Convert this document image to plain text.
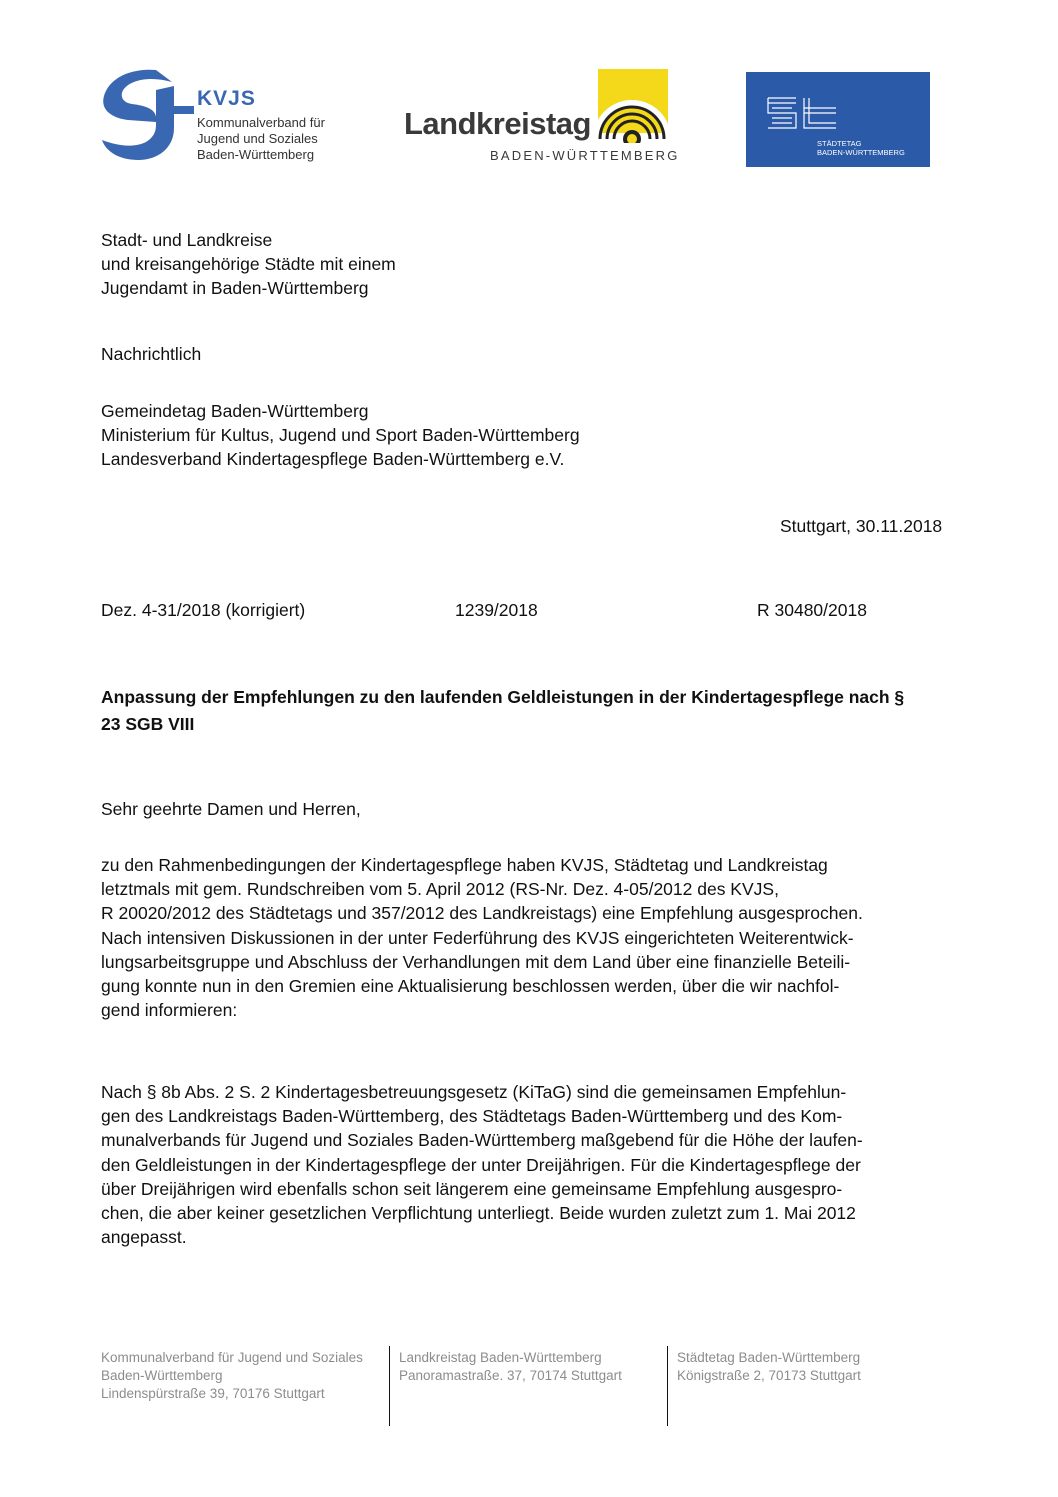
KVJS
Kommunalverband für
Jugend und Soziales
Baden-Württemberg
Landkreistag
BADEN-WÜRTTEMBERG
STÄDTETAG
BADEN-WÜRTTEMBERG
Stadt- und Landkreise
und kreisangehörige Städte mit einem
Jugendamt in Baden-Württemberg
Nachrichtlich
Gemeindetag Baden-Württemberg
Ministerium für Kultus, Jugend und Sport Baden-Württemberg
Landesverband Kindertagespflege Baden-Württemberg e.V.
Stuttgart, 30.11.2018
Dez. 4-31/2018 (korrigiert)	1239/2018	R 30480/2018
Anpassung der Empfehlungen zu den laufenden Geldleistungen in der Kindertagespflege nach §
23 SGB VIII
Sehr geehrte Damen und Herren,
zu den Rahmenbedingungen der Kindertagespflege haben KVJS, Städtetag und Landkreistag
letztmals mit gem. Rundschreiben vom 5. April 2012 (RS-Nr. Dez. 4-05/2012 des KVJS,
R 20020/2012 des Städtetags und 357/2012 des Landkreistags) eine Empfehlung ausgesprochen.
Nach intensiven Diskussionen in der unter Federführung des KVJS eingerichteten Weiterentwick-
lungsarbeitsgruppe und Abschluss der Verhandlungen mit dem Land über eine finanzielle Beteili-
gung konnte nun in den Gremien eine Aktualisierung beschlossen werden, über die wir nachfol-
gend informieren:
Nach § 8b Abs. 2 S. 2 Kindertagesbetreuungsgesetz (KiTaG) sind die gemeinsamen Empfehlun-
gen des Landkreistags Baden-Württemberg, des Städtetags Baden-Württemberg und des Kom-
munalverbands für Jugend und Soziales Baden-Württemberg maßgebend für die Höhe der laufen-
den Geldleistungen in der Kindertagespflege der unter Dreijährigen. Für die Kindertagespflege der
über Dreijährigen wird ebenfalls schon seit längerem eine gemeinsame Empfehlung ausgespro-
chen, die aber keiner gesetzlichen Verpflichtung unterliegt. Beide wurden zuletzt zum 1. Mai 2012
angepasst.
Kommunalverband für Jugend und Soziales
Baden-Württemberg
Lindenspürstraße 39, 70176 Stuttgart
Landkreistag Baden-Württemberg
Panoramastraße. 37, 70174 Stuttgart
Städtetag Baden-Württemberg
Königstraße 2, 70173 Stuttgart
